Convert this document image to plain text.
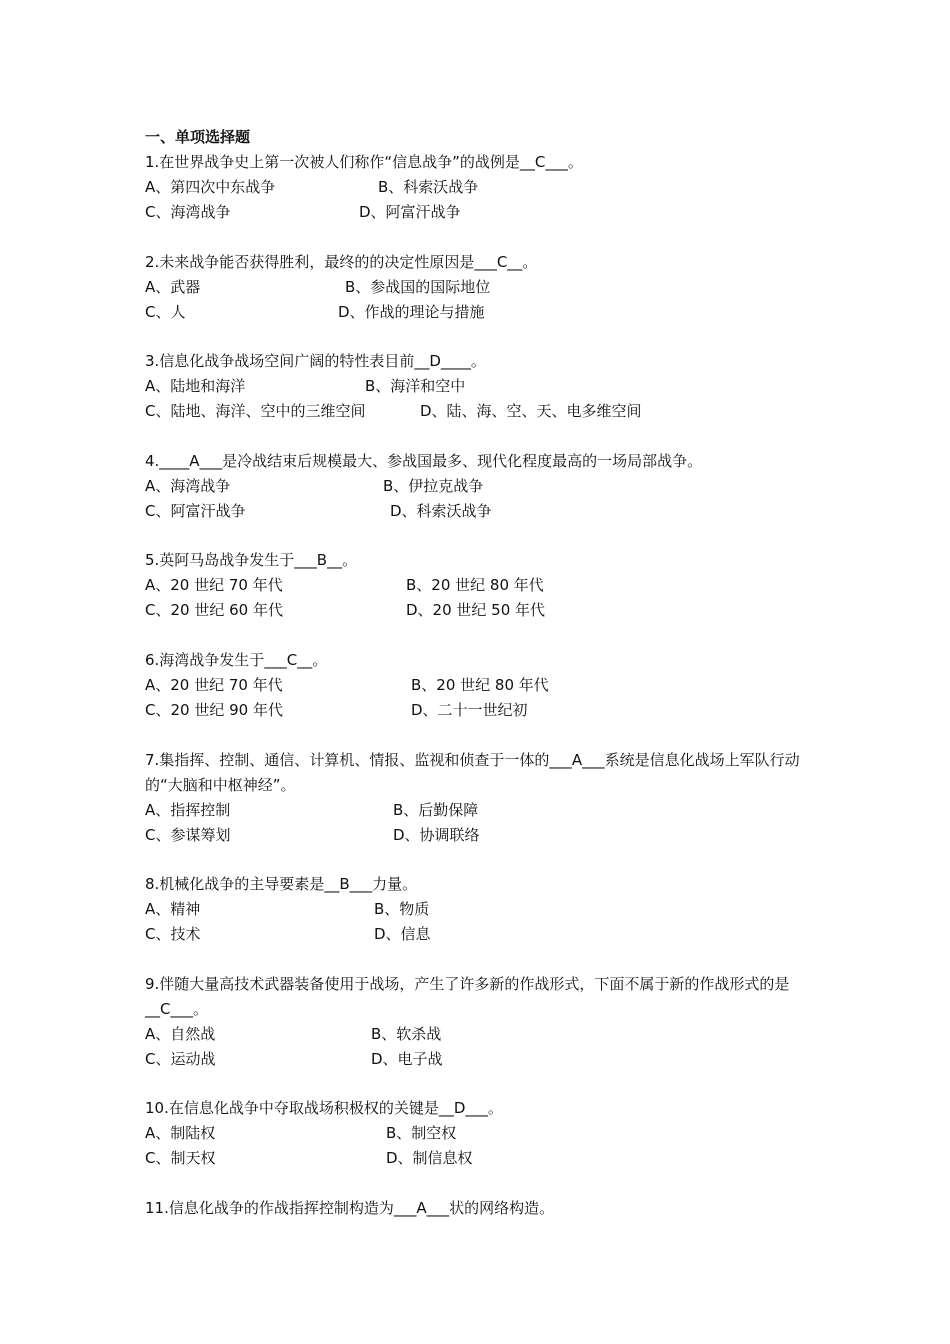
一、单项选择题
1.在世界战争史上第一次被人们称作“信息战争”的战例是__C___。
A、第四次中东战争	B、科索沃战争
C、海湾战争	D、阿富汗战争
2.未来战争能否获得胜利，最终的的决定性原因是___C__。
A、武器	B、参战国的国际地位
C、人	D、作战的理论与措施
3.信息化战争战场空间广阔的特性表目前__D____。
A、陆地和海洋	B、海洋和空中
C、陆地、海洋、空中的三维空间	D、陆、海、空、天、电多维空间
4.____A___是冷战结束后规模最大、参战国最多、现代化程度最高的一场局部战争。
A、海湾战争	B、伊拉克战争
C、阿富汗战争	D、科索沃战争
5.英阿马岛战争发生于___B__。
A、20 世纪 70 年代	B、20 世纪 80 年代
C、20 世纪 60 年代	D、20 世纪 50 年代
6.海湾战争发生于___C__。
A、20 世纪 70 年代	B、20 世纪 80 年代
C、20 世纪 90 年代	D、二十一世纪初
7.集指挥、控制、通信、计算机、情报、监视和侦查于一体的___A___系统是信息化战场上军队行动的“大脑和中枢神经”。
A、指挥控制	B、后勤保障
C、参谋筹划	D、协调联络
8.机械化战争的主导要素是__B___力量。
A、精神	B、物质
C、技术	D、信息
9.伴随大量高技术武器装备使用于战场，产生了许多新的作战形式，下面不属于新的作战形式的是__C___。
A、自然战	B、软杀战
C、运动战	D、电子战
10.在信息化战争中夺取战场积极权的关键是__D___。
A、制陆权	B、制空权
C、制天权	D、制信息权
11.信息化战争的作战指挥控制构造为___A___状的网络构造。
